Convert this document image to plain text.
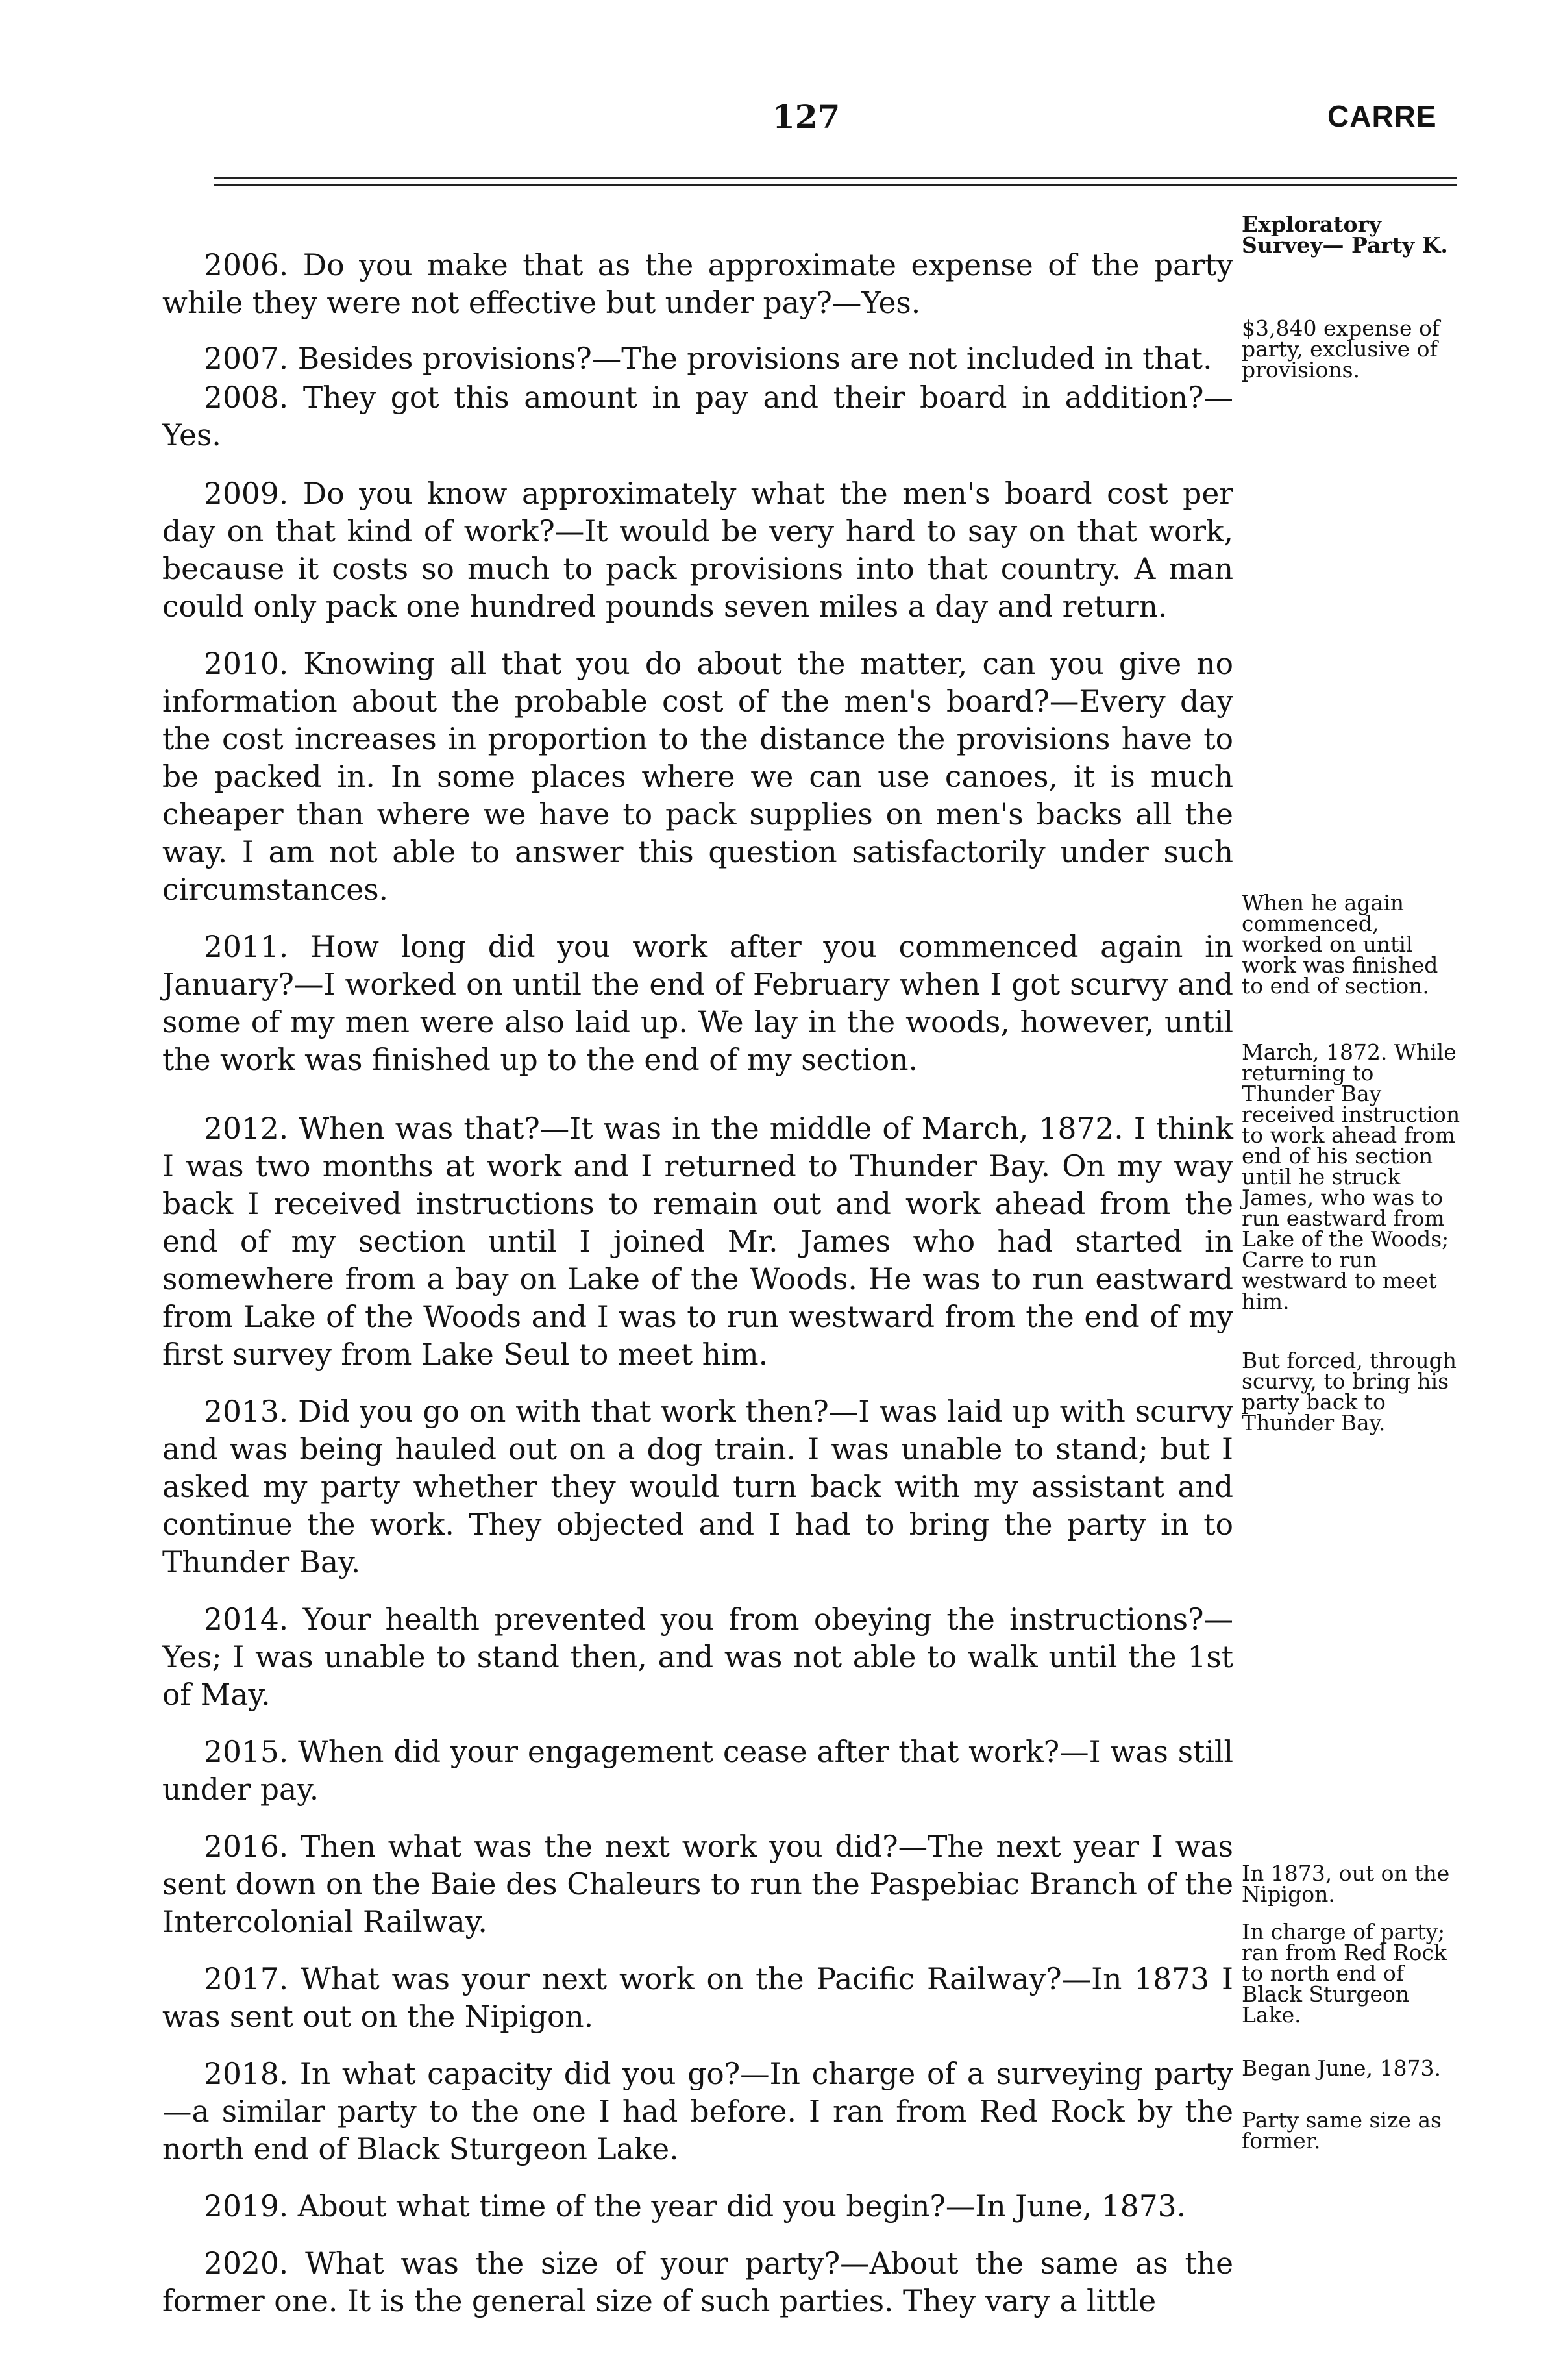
127	CARRE

2006. Do you make that as the approximate expense of the party while they were not effective but under pay?—Yes.

2007. Besides provisions?—The provisions are not included in that.

2008. They got this amount in pay and their board in addition?—Yes.

2009. Do you know approximately what the men's board cost per day on that kind of work?—It would be very hard to say on that work, because it costs so much to pack provisions into that country. A man could only pack one hundred pounds seven miles a day and return.

2010. Knowing all that you do about the matter, can you give no information about the probable cost of the men's board?—Every day the cost increases in proportion to the distance the provisions have to be packed in. In some places where we can use canoes, it is much cheaper than where we have to pack supplies on men's backs all the way. I am not able to answer this question satisfactorily under such circumstances.

2011. How long did you work after you commenced again in January?—I worked on until the end of February when I got scurvy and some of my men were also laid up. We lay in the woods, however, until the work was finished up to the end of my section.

2012. When was that?—It was in the middle of March, 1872. I think I was two months at work and I returned to Thunder Bay. On my way back I received instructions to remain out and work ahead from the end of my section until I joined Mr. James who had started in somewhere from a bay on Lake of the Woods. He was to run eastward from Lake of the Woods and I was to run westward from the end of my first survey from Lake Seul to meet him.

2013. Did you go on with that work then?—I was laid up with scurvy and was being hauled out on a dog train. I was unable to stand; but I asked my party whether they would turn back with my assistant and continue the work. They objected and I had to bring the party in to Thunder Bay.

2014. Your health prevented you from obeying the instructions?—Yes; I was unable to stand then, and was not able to walk until the 1st of May.

2015. When did your engagement cease after that work?—I was still under pay.

2016. Then what was the next work you did?—The next year I was sent down on the Baie des Chaleurs to run the Paspebiac Branch of the Intercolonial Railway.

2017. What was your next work on the Pacific Railway?—In 1873 I was sent out on the Nipigon.

2018. In what capacity did you go?—In charge of a surveying party—a similar party to the one I had before. I ran from Red Rock by the north end of Black Sturgeon Lake.

2019. About what time of the year did you begin?—In June, 1873.

2020. What was the size of your party?—About the same as the former one. It is the general size of such parties. They vary a little

Exploratory Survey— Party K.
$3,840 expense of party, exclusive of provisions.
When he again commenced, worked on until work was finished to end of section.
March, 1872. While returning to Thunder Bay received instruction to work ahead from end of his section until he struck James, who was to run eastward from Lake of the Woods; Carre to run westward to meet him.
But forced, through scurvy, to bring his party back to Thunder Bay.
In 1873, out on the Nipigon.
In charge of party; ran from Red Rock to north end of Black Sturgeon Lake.
Began June, 1873.
Party same size as former.
